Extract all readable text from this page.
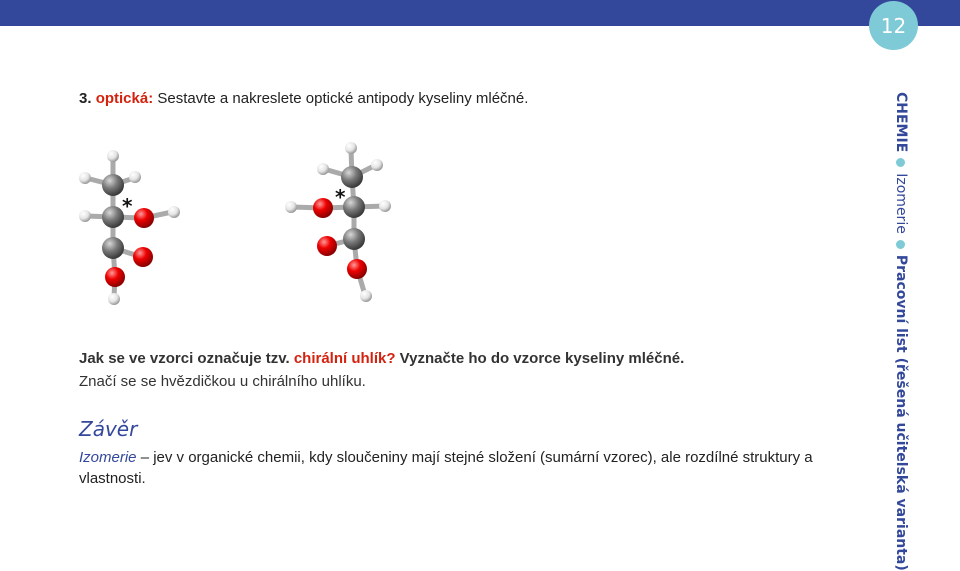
12
3. optická: Sestavte a nakreslete optické antipody kyseliny mléčné.
*	*
Jak se ve vzorci označuje tzv. chirální uhlík? Vyznačte ho do vzorce kyseliny mléčné.
Značí se se hvězdičkou u chirálního uhlíku.
Závěr
Izomerie – jev v organické chemii, kdy sloučeniny mají stejné složení (sumární vzorec), ale rozdílné struktury a vlastnosti.
CHEMIEIzomeriePracovní list (řešená učitelská varianta)
